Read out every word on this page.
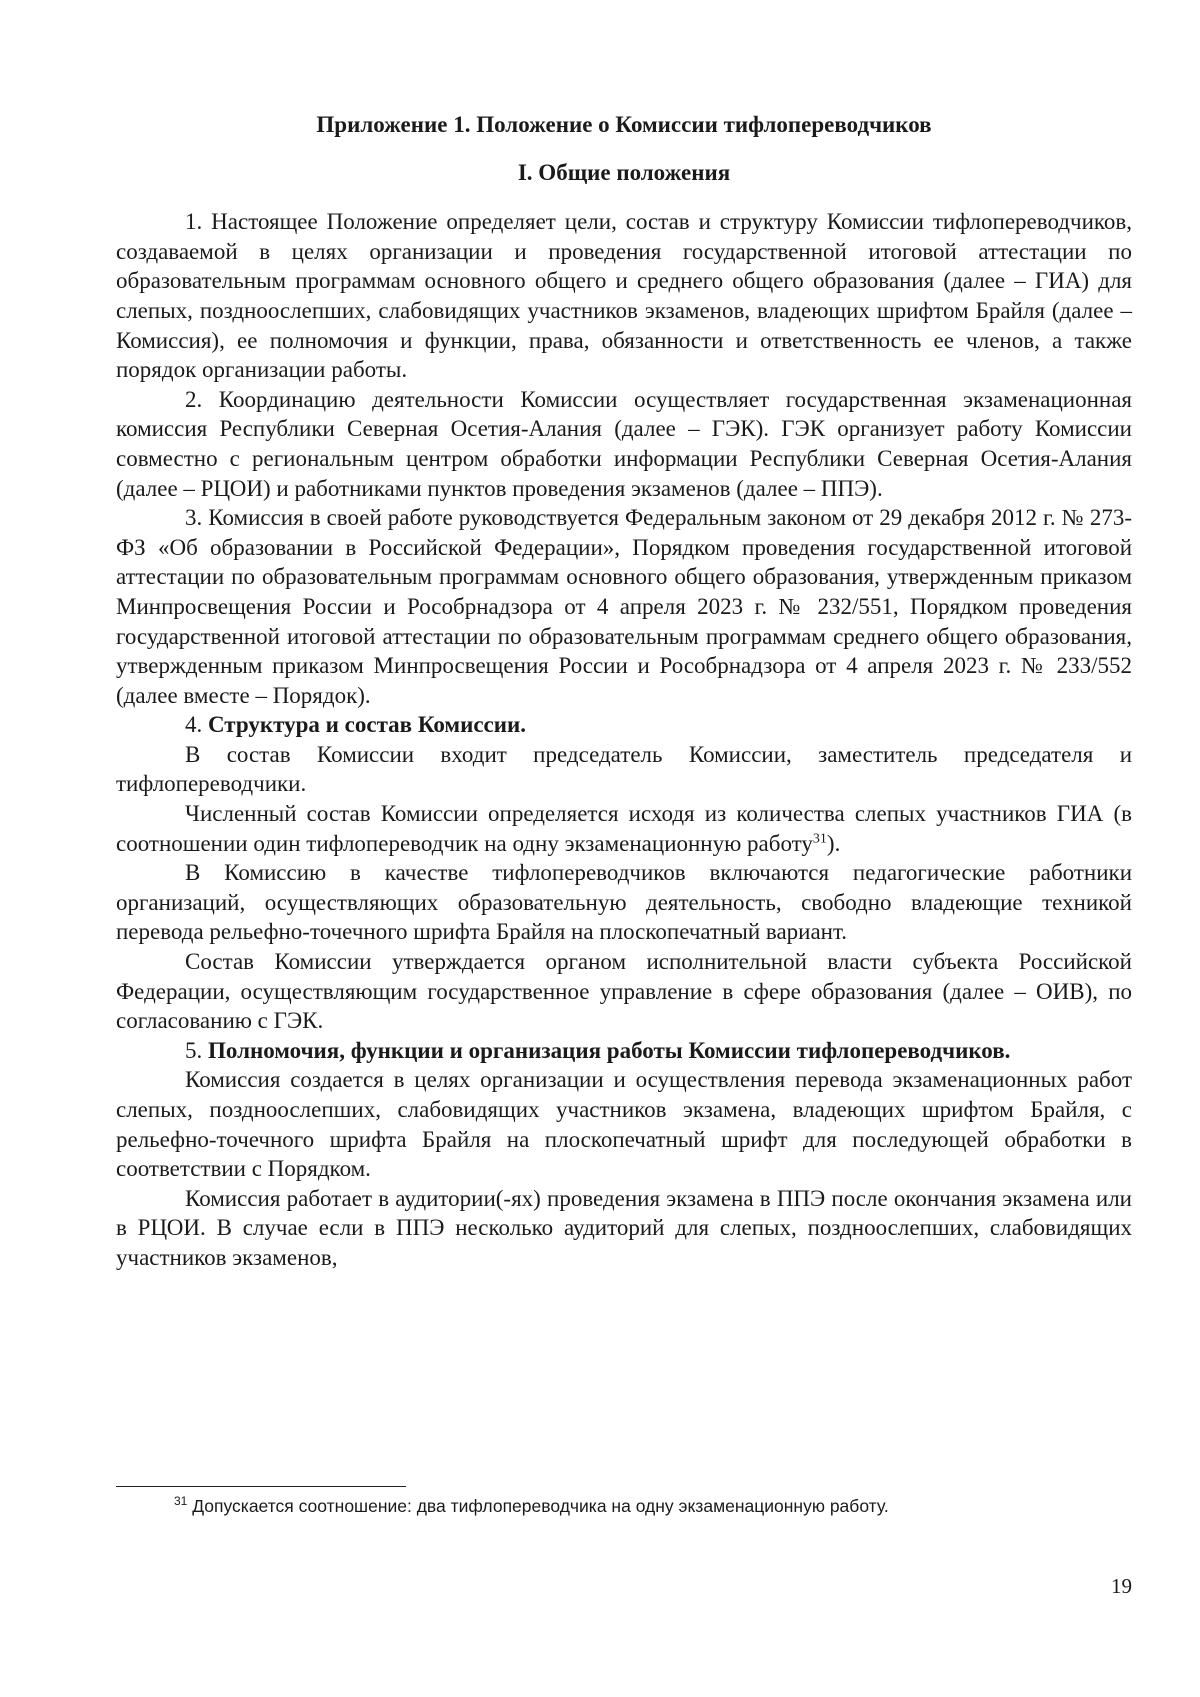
Приложение 1. Положение о Комиссии тифлопереводчиков

I. Общие положения

1. Настоящее Положение определяет цели, состав и структуру Комиссии тифлопереводчиков, создаваемой в целях организации и проведения государственной итоговой аттестации по образовательным программам основного общего и среднего общего образования (далее – ГИА) для слепых, поздноослепших, слабовидящих участников экзаменов, владеющих шрифтом Брайля (далее – Комиссия), ее полномочия и функции, права, обязанности и ответственность ее членов, а также порядок организации работы.

2. Координацию деятельности Комиссии осуществляет государственная экзаменационная комиссия Республики Северная Осетия-Алания (далее – ГЭК). ГЭК организует работу Комиссии совместно с региональным центром обработки информации Республики Северная Осетия-Алания (далее – РЦОИ) и работниками пунктов проведения экзаменов (далее – ППЭ).

3. Комиссия в своей работе руководствуется Федеральным законом от 29 декабря 2012 г. № 273-ФЗ «Об образовании в Российской Федерации», Порядком проведения государственной итоговой аттестации по образовательным программам основного общего образования, утвержденным приказом Минпросвещения России и Рособрнадзора от 4 апреля 2023 г. № 232/551, Порядком проведения государственной итоговой аттестации по образовательным программам среднего общего образования, утвержденным приказом Минпросвещения России и Рособрнадзора от 4 апреля 2023 г. № 233/552 (далее вместе – Порядок).

4. Структура и состав Комиссии.

В состав Комиссии входит председатель Комиссии, заместитель председателя и тифлопереводчики.

Численный состав Комиссии определяется исходя из количества слепых участников ГИА (в соотношении один тифлопереводчик на одну экзаменационную работу$^{31}$).

В Комиссию в качестве тифлопереводчиков включаются педагогические работники организаций, осуществляющих образовательную деятельность, свободно владеющие техникой перевода рельефно-точечного шрифта Брайля на плоскопечатный вариант.

Состав Комиссии утверждается органом исполнительной власти субъекта Российской Федерации, осуществляющим государственное управление в сфере образования (далее – ОИВ), по согласованию с ГЭК.

5. Полномочия, функции и организация работы Комиссии тифлопереводчиков.

Комиссия создается в целях организации и осуществления перевода экзаменационных работ слепых, поздноослепших, слабовидящих участников экзамена, владеющих шрифтом Брайля, с рельефно-точечного шрифта Брайля на плоскопечатный шрифт для последующей обработки в соответствии с Порядком.

Комиссия работает в аудитории(-ях) проведения экзамена в ППЭ после окончания экзамена или в РЦОИ. В случае если в ППЭ несколько аудиторий для слепых, поздноослепших, слабовидящих участников экзаменов,

$^{31}$ Допускается соотношение: два тифлопереводчика на одну экзаменационную работу.
19
